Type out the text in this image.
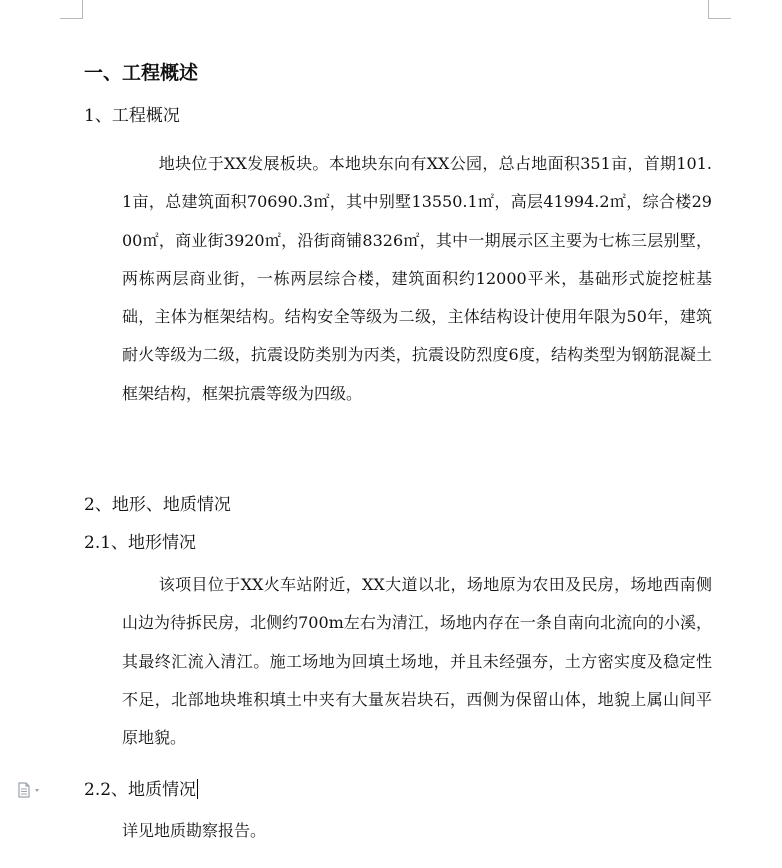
一、工程概述
1、工程概况
地块位于XX发展板块。本地块东向有XX公园，总占地面积351亩，首期101.1亩，总建筑面积70690.3㎡，其中别墅13550.1㎡，高层41994.2㎡，综合楼2900㎡，商业街3920㎡，沿街商铺8326㎡，其中一期展示区主要为七栋三层别墅，两栋两层商业街，一栋两层综合楼，建筑面积约12000平米，基础形式旋挖桩基础，主体为框架结构。结构安全等级为二级，主体结构设计使用年限为50年，建筑耐火等级为二级，抗震设防类别为丙类，抗震设防烈度6度，结构类型为钢筋混凝土框架结构，框架抗震等级为四级。
2、地形、地质情况
2.1、地形情况
该项目位于XX火车站附近，XX大道以北，场地原为农田及民房，场地西南侧山边为待拆民房，北侧约700m左右为清江，场地内存在一条自南向北流向的小溪，其最终汇流入清江。施工场地为回填土场地，并且未经强夯，土方密实度及稳定性不足，北部地块堆积填土中夹有大量灰岩块石，西侧为保留山体，地貌上属山间平原地貌。
2.2、地质情况
详见地质勘察报告。
